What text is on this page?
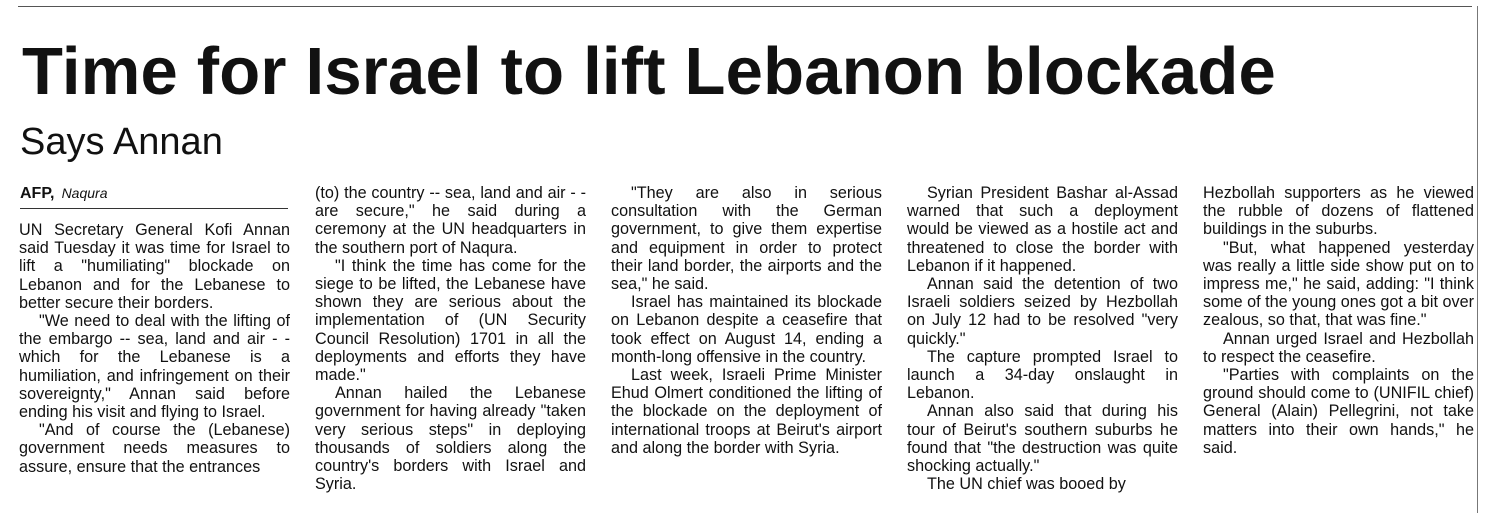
Time for Israel to lift Lebanon blockade
Says Annan
AFP, Naqura

UN Secretary General Kofi Annan said Tuesday it was time for Israel to lift a "humiliating" blockade on Lebanon and for the Lebanese to better secure their borders.

"We need to deal with the lifting of the embargo -- sea, land and air - - which for the Lebanese is a humiliation, and infringement on their sovereignty," Annan said before ending his visit and flying to Israel.

"And of course the (Lebanese) government needs measures to assure, ensure that the entrances

(to) the country -- sea, land and air - - are secure," he said during a ceremony at the UN headquarters in the southern port of Naqura.

"I think the time has come for the siege to be lifted, the Lebanese have shown they are serious about the implementation of (UN Security Council Resolution) 1701 in all the deployments and efforts they have made."

Annan hailed the Lebanese government for having already "taken very serious steps" in deploying thousands of soldiers along the country's borders with Israel and Syria.

"They are also in serious consultation with the German government, to give them expertise and equipment in order to protect their land border, the airports and the sea," he said.

Israel has maintained its blockade on Lebanon despite a ceasefire that took effect on August 14, ending a month-long offensive in the country.

Last week, Israeli Prime Minister Ehud Olmert conditioned the lifting of the blockade on the deployment of international troops at Beirut's airport and along the border with Syria.

Syrian President Bashar al-Assad warned that such a deployment would be viewed as a hostile act and threatened to close the border with Lebanon if it happened.

Annan said the detention of two Israeli soldiers seized by Hezbollah on July 12 had to be resolved "very quickly."

The capture prompted Israel to launch a 34-day onslaught in Lebanon.

Annan also said that during his tour of Beirut's southern suburbs he found that "the destruction was quite shocking actually."

The UN chief was booed by

Hezbollah supporters as he viewed the rubble of dozens of flattened buildings in the suburbs.

"But, what happened yesterday was really a little side show put on to impress me," he said, adding: "I think some of the young ones got a bit over zealous, so that, that was fine."

Annan urged Israel and Hezbollah to respect the ceasefire.

"Parties with complaints on the ground should come to (UNIFIL chief) General (Alain) Pellegrini, not take matters into their own hands," he said.
